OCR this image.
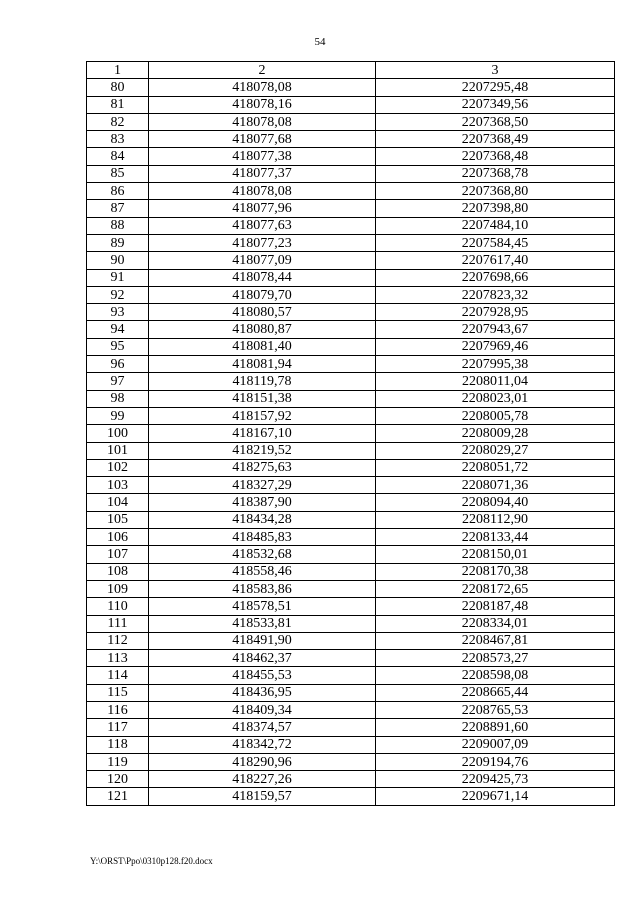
54
1	2	3
80	418078,08	2207295,48
81	418078,16	2207349,56
82	418078,08	2207368,50
83	418077,68	2207368,49
84	418077,38	2207368,48
85	418077,37	2207368,78
86	418078,08	2207368,80
87	418077,96	2207398,80
88	418077,63	2207484,10
89	418077,23	2207584,45
90	418077,09	2207617,40
91	418078,44	2207698,66
92	418079,70	2207823,32
93	418080,57	2207928,95
94	418080,87	2207943,67
95	418081,40	2207969,46
96	418081,94	2207995,38
97	418119,78	2208011,04
98	418151,38	2208023,01
99	418157,92	2208005,78
100	418167,10	2208009,28
101	418219,52	2208029,27
102	418275,63	2208051,72
103	418327,29	2208071,36
104	418387,90	2208094,40
105	418434,28	2208112,90
106	418485,83	2208133,44
107	418532,68	2208150,01
108	418558,46	2208170,38
109	418583,86	2208172,65
110	418578,51	2208187,48
111	418533,81	2208334,01
112	418491,90	2208467,81
113	418462,37	2208573,27
114	418455,53	2208598,08
115	418436,95	2208665,44
116	418409,34	2208765,53
117	418374,57	2208891,60
118	418342,72	2209007,09
119	418290,96	2209194,76
120	418227,26	2209425,73
121	418159,57	2209671,14
Y:\ORST\Ppo\0310p128.f20.docx
